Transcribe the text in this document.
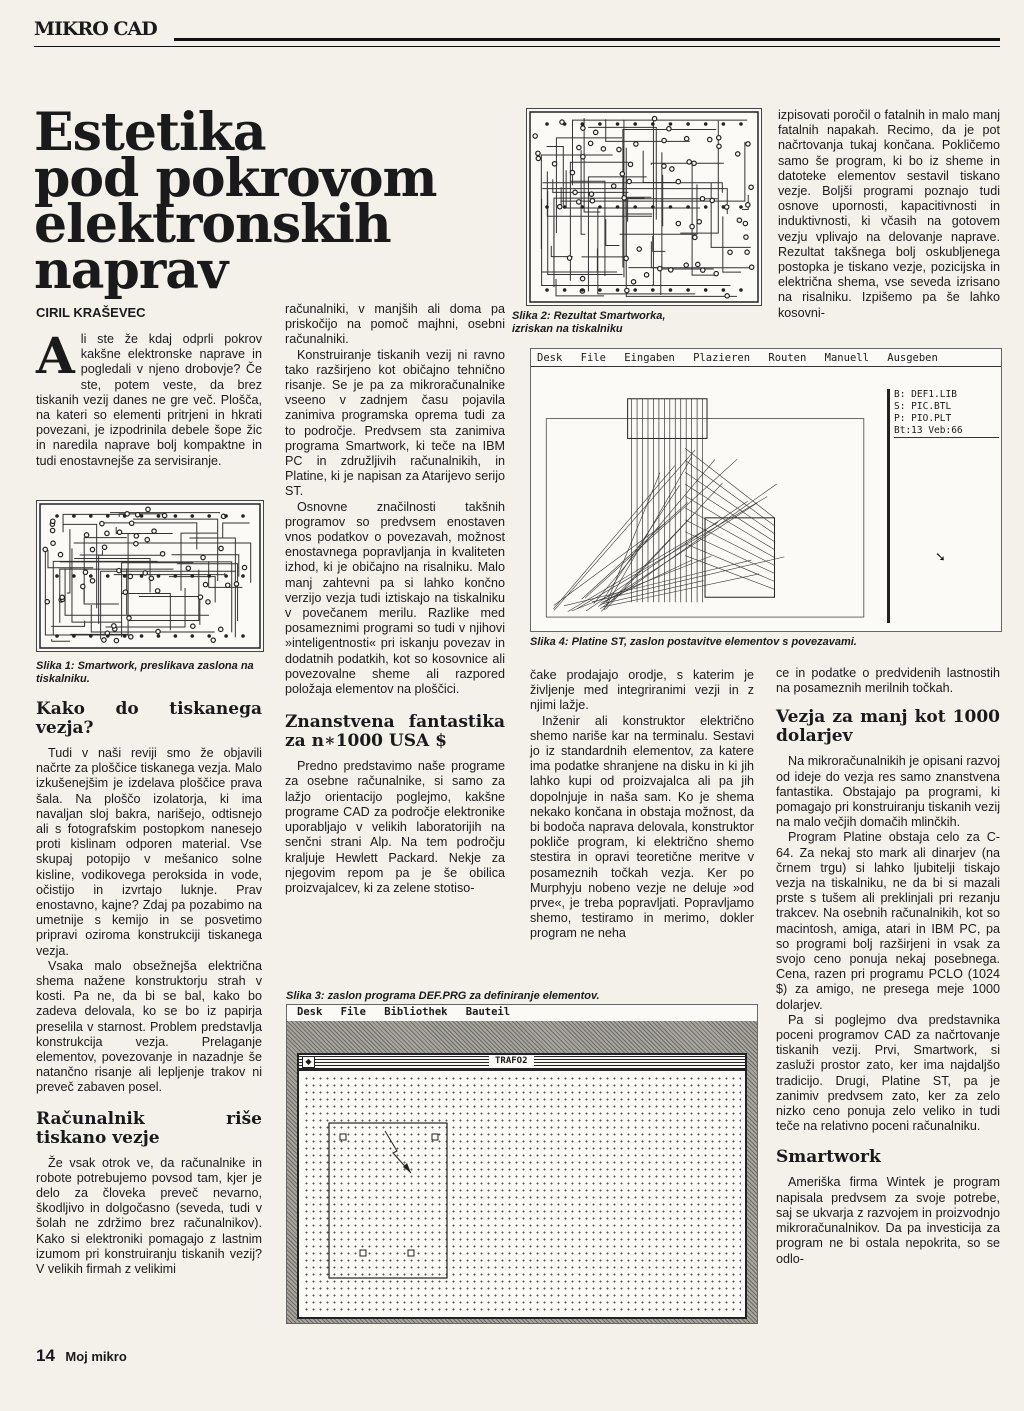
MIKRO CAD
Estetika
pod pokrovom
elektronskih
naprav
CIRIL KRAŠEVEC
A li ste že kdaj odprli pokrov kakšne elektronske naprave in pogledali v njeno drobovje? Če ste, potem veste, da brez tiskanih vezij danes ne gre več. Plošča, na kateri so elementi pritrjeni in hkrati povezani, je izpodrinila debele šope žic in naredila naprave bolj kompaktne in tudi enostavnejše za servisiranje.
Slika 1: Smartwork, preslikava zaslona na tiskalniku.
Kako do tiskanega vezja?

Tudi v naši reviji smo že objavili načrte za ploščice tiskanega vezja. Malo izkušenejšim je izdelava ploščice prava šala. Na ploščo izolatorja, ki ima navaljan sloj bakra, narišejo, odtisnejo ali s fotografskim postopkom nanesejo proti kislinam odporen material. Vse skupaj potopijo v mešanico solne kisline, vodikovega peroksida in vode, očistijo in izvrtajo luknje. Prav enostavno, kajne? Zdaj pa pozabimo na umetnije s kemijo in se posvetimo pripravi oziroma konstrukciji tiskanega vezja.

Vsaka malo obsežnejša električna shema nažene konstruktorju strah v kosti. Pa ne, da bi se bal, kako bo zadeva delovala, ko se bo iz papirja preselila v starnost. Problem predstavlja konstrukcija vezja. Prelaganje elementov, povezovanje in nazadnje še natančno risanje ali lepljenje trakov ni preveč zabaven posel.

Računalnik riše tiskano vezje

Že vsak otrok ve, da računalnike in robote potrebujemo povsod tam, kjer je delo za človeka preveč nevarno, škodljivo in dolgočasno (seveda, tudi v šolah ne zdržimo brez računalnikov). Kako si elektroniki pomagajo z lastnim izumom pri konstruiranju tiskanih vezij? V velikih firmah z velikimi

računalniki, v manjših ali doma pa priskočijo na pomoč majhni, osebni računalniki.

Konstruiranje tiskanih vezij ni ravno tako razširjeno kot običajno tehnično risanje. Se je pa za mikroračunalnike vseeno v zadnjem času pojavila zanimiva programska oprema tudi za to področje. Predvsem sta zanimiva programa Smartwork, ki teče na IBM PC in združljivih računalnikih, in Platine, ki je napisan za Atarijevo serijo ST.

Osnovne značilnosti takšnih programov so predvsem enostaven vnos podatkov o povezavah, možnost enostavnega popravljanja in kvaliteten izhod, ki je običajno na risalniku. Malo manj zahtevni pa si lahko končno verzijo vezja tudi iztiskajo na tiskalniku v povečanem merilu. Razlike med posameznimi programi so tudi v njihovi »inteligentnosti« pri iskanju povezav in dodatnih podatkih, kot so kosovnice ali povezovalne sheme ali razpored položaja elementov na ploščici.

Znanstvena fantastika za n∗1000 USA $

Predno predstavimo naše programe za osebne računalnike, si samo za lažjo orientacijo poglejmo, kakšne programe CAD za področje elektronike uporabljajo v velikih laboratorijih na senčni strani Alp. Na tem področju kraljuje Hewlett Packard. Nekje za njegovim repom pa je še obilica proizvajalcev, ki za zelene stotiso-

Slika 2: Rezultat Smartworka, izriskan na tiskalniku

izpisovati poročil o fatalnih in malo manj fatalnih napakah. Recimo, da je pot načrtovanja tukaj končana. Pokličemo samo še program, ki bo iz sheme in datoteke elementov sestavil tiskano vezje. Boljši programi poznajo tudi osnove upornosti, kapacitivnosti in induktivnosti, ki včasih na gotovem vezju vplivajo na delovanje naprave. Rezultat takšnega bolj oskubljenega postopka je tiskano vezje, pozicijska in električna shema, vse seveda izrisano na risalniku. Izpišemo pa še lahko kosovni-

Desk File Eingaben Plazieren Routen Manuell Ausgeben
B: DEF1.LIB
S: PIC.BTL
P: PIO.PLT
Bt:13 Veb:66
➘
Slika 4: Platine ST, zaslon postavitve elementov s povezavami.

čake prodajajo orodje, s katerim je življenje med integriranimi vezji in z njimi lažje.

Inženir ali konstruktor električno shemo nariše kar na terminalu. Sestavi jo iz standardnih elementov, za katere ima podatke shranjene na disku in ki jih lahko kupi od proizvajalca ali pa jih dopolnjuje in naša sam. Ko je shema nekako končana in obstaja možnost, da bi bodoča naprava delovala, konstruktor pokliče program, ki električno shemo stestira in opravi teoretične meritve v posameznih točkah vezja. Ker po Murphyju nobeno vezje ne deluje »od prve«, je treba popravljati. Popravljamo shemo, testiramo in merimo, dokler program ne neha

ce in podatke o predvidenih lastnostih na posameznih merilnih točkah.

Vezja za manj kot 1000 dolarjev

Na mikroračunalnikih je opisani razvoj od ideje do vezja res samo znanstvena fantastika. Obstajajo pa programi, ki pomagajo pri konstruiranju tiskanih vezij na malo večjih domačih mlinčkih.

Program Platine obstaja celo za C-64. Za nekaj sto mark ali dinarjev (na črnem trgu) si lahko ljubitelji tiskajo vezja na tiskalniku, ne da bi si mazali prste s tušem ali preklinjali pri rezanju trakcev. Na osebnih računalnikih, kot so macintosh, amiga, atari in IBM PC, pa so programi bolj razširjeni in vsak za svojo ceno ponuja nekaj posebnega. Cena, razen pri programu PCLO (1024 $) za amigo, ne presega meje 1000 dolarjev.

Pa si poglejmo dva predstavnika poceni programov CAD za načrtovanje tiskanih vezij. Prvi, Smartwork, si zasluži prostor zato, ker ima najdaljšo tradicijo. Drugi, Platine ST, pa je zanimiv predvsem zato, ker za zelo nizko ceno ponuja zelo veliko in tudi teče na relativno poceni računalniku.

Smartwork

Ameriška firma Wintek je program napisala predvsem za svoje potrebe, saj se ukvarja z razvojem in proizvodnjo mikroračunalnikov. Da pa investicija za program ne bi ostala nepokrita, so se odlo-

Slika 3: zaslon programa DEF.PRG za definiranje elementov.
Desk File Bibliothek Bauteil
◆	TRAFO2
14 Moj mikro
